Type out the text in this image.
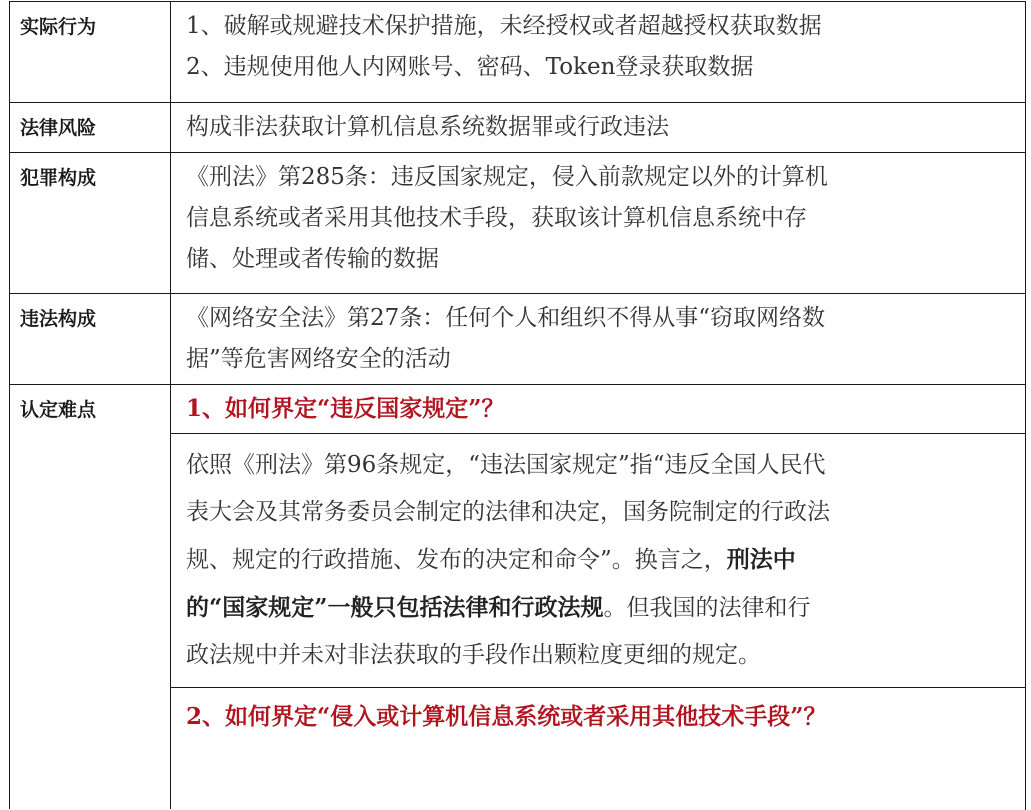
实际行为	1、破解或规避技术保护措施，未经授权或者超越授权获取数据
2、违规使用他人内网账号、密码、Token登录获取数据
法律风险	构成非法获取计算机信息系统数据罪或行政违法
犯罪构成	《刑法》第285条：违反国家规定，侵入前款规定以外的计算机
信息系统或者采用其他技术手段，获取该计算机信息系统中存
储、处理或者传输的数据
违法构成	《网络安全法》第27条：任何个人和组织不得从事“窃取网络数
据”等危害网络安全的活动
认定难点	1、如何界定“违反国家规定”？
依照《刑法》第96条规定，“违法国家规定”指“违反全国人民代
表大会及其常务委员会制定的法律和决定，国务院制定的行政法
规、规定的行政措施、发布的决定和命令”。换言之，刑法中
的“国家规定”一般只包括法律和行政法规。但我国的法律和行
政法规中并未对非法获取的手段作出颗粒度更细的规定。
2、如何界定“侵入或计算机信息系统或者采用其他技术手段”？
